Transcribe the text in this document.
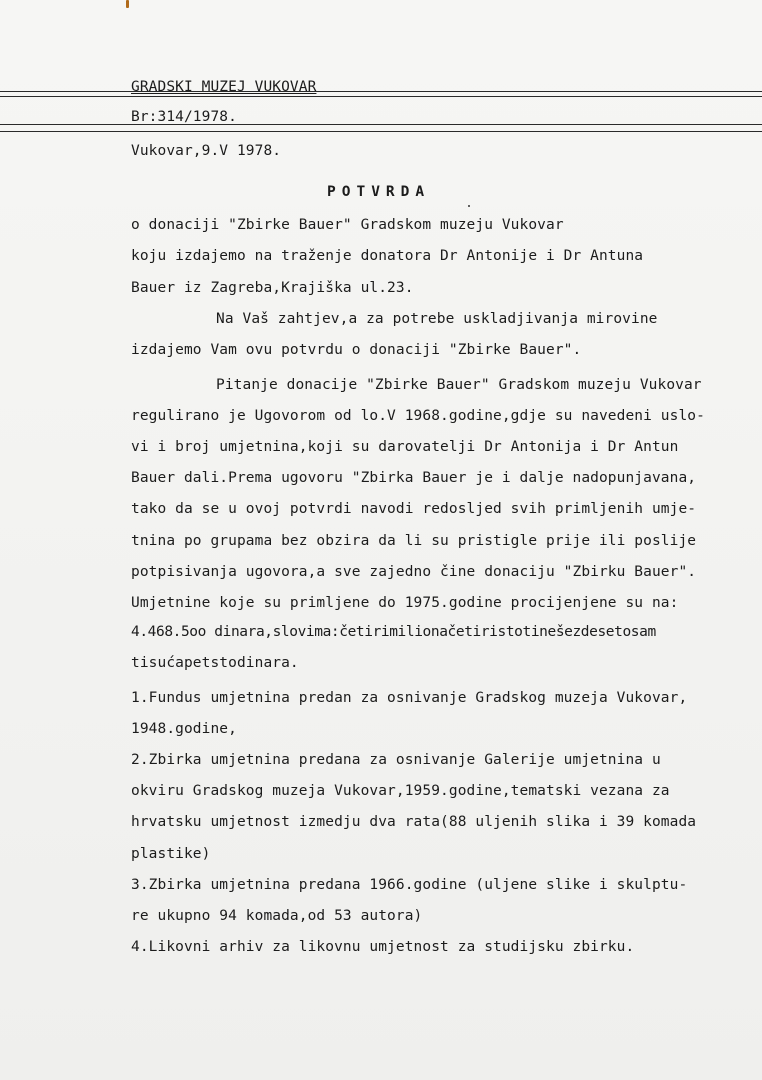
GRADSKI MUZEJ VUKOVAR
Br:314/1978.
Vukovar,9.V 1978.
POTVRDA
o donaciji "Zbirke Bauer" Gradskom muzeju Vukovar
koju izdajemo na traženje donatora Dr Antonije i Dr Antuna
Bauer iz Zagreba,Krajiška ul.23.
Na Vaš zahtjev,a za potrebe uskladjivanja mirovine
izdajemo Vam ovu potvrdu o donaciji "Zbirke Bauer".
Pitanje donacije "Zbirke Bauer" Gradskom muzeju Vukovar
regulirano je Ugovorom od lo.V 1968.godine,gdje su navedeni uslo-
vi i broj umjetnina,koji su darovatelji Dr Antonija i Dr Antun
Bauer dali.Prema ugovoru "Zbirka Bauer je i dalje nadopunjavana,
tako da se u ovoj potvrdi navodi redosljed svih primljenih umje-
tnina po grupama bez obzira da li su pristigle prije ili poslije
potpisivanja ugovora,a sve zajedno čine donaciju "Zbirku Bauer".
Umjetnine koje su primljene do 1975.godine procijenjene su na:
4.468.5oo dinara,slovima:četirimilionačetiristotinešezdesetosam
tisućapetstodinara.
1.Fundus umjetnina predan za osnivanje Gradskog muzeja Vukovar,
1948.godine,
2.Zbirka umjetnina predana za osnivanje Galerije umjetnina u
okviru Gradskog muzeja Vukovar,1959.godine,tematski vezana za
hrvatsku umjetnost izmedju dva rata(88 uljenih slika i 39 komada
plastike)
3.Zbirka umjetnina predana 1966.godine (uljene slike i skulptu-
re ukupno 94 komada,od 53 autora)
4.Likovni arhiv za likovnu umjetnost za studijsku zbirku.
